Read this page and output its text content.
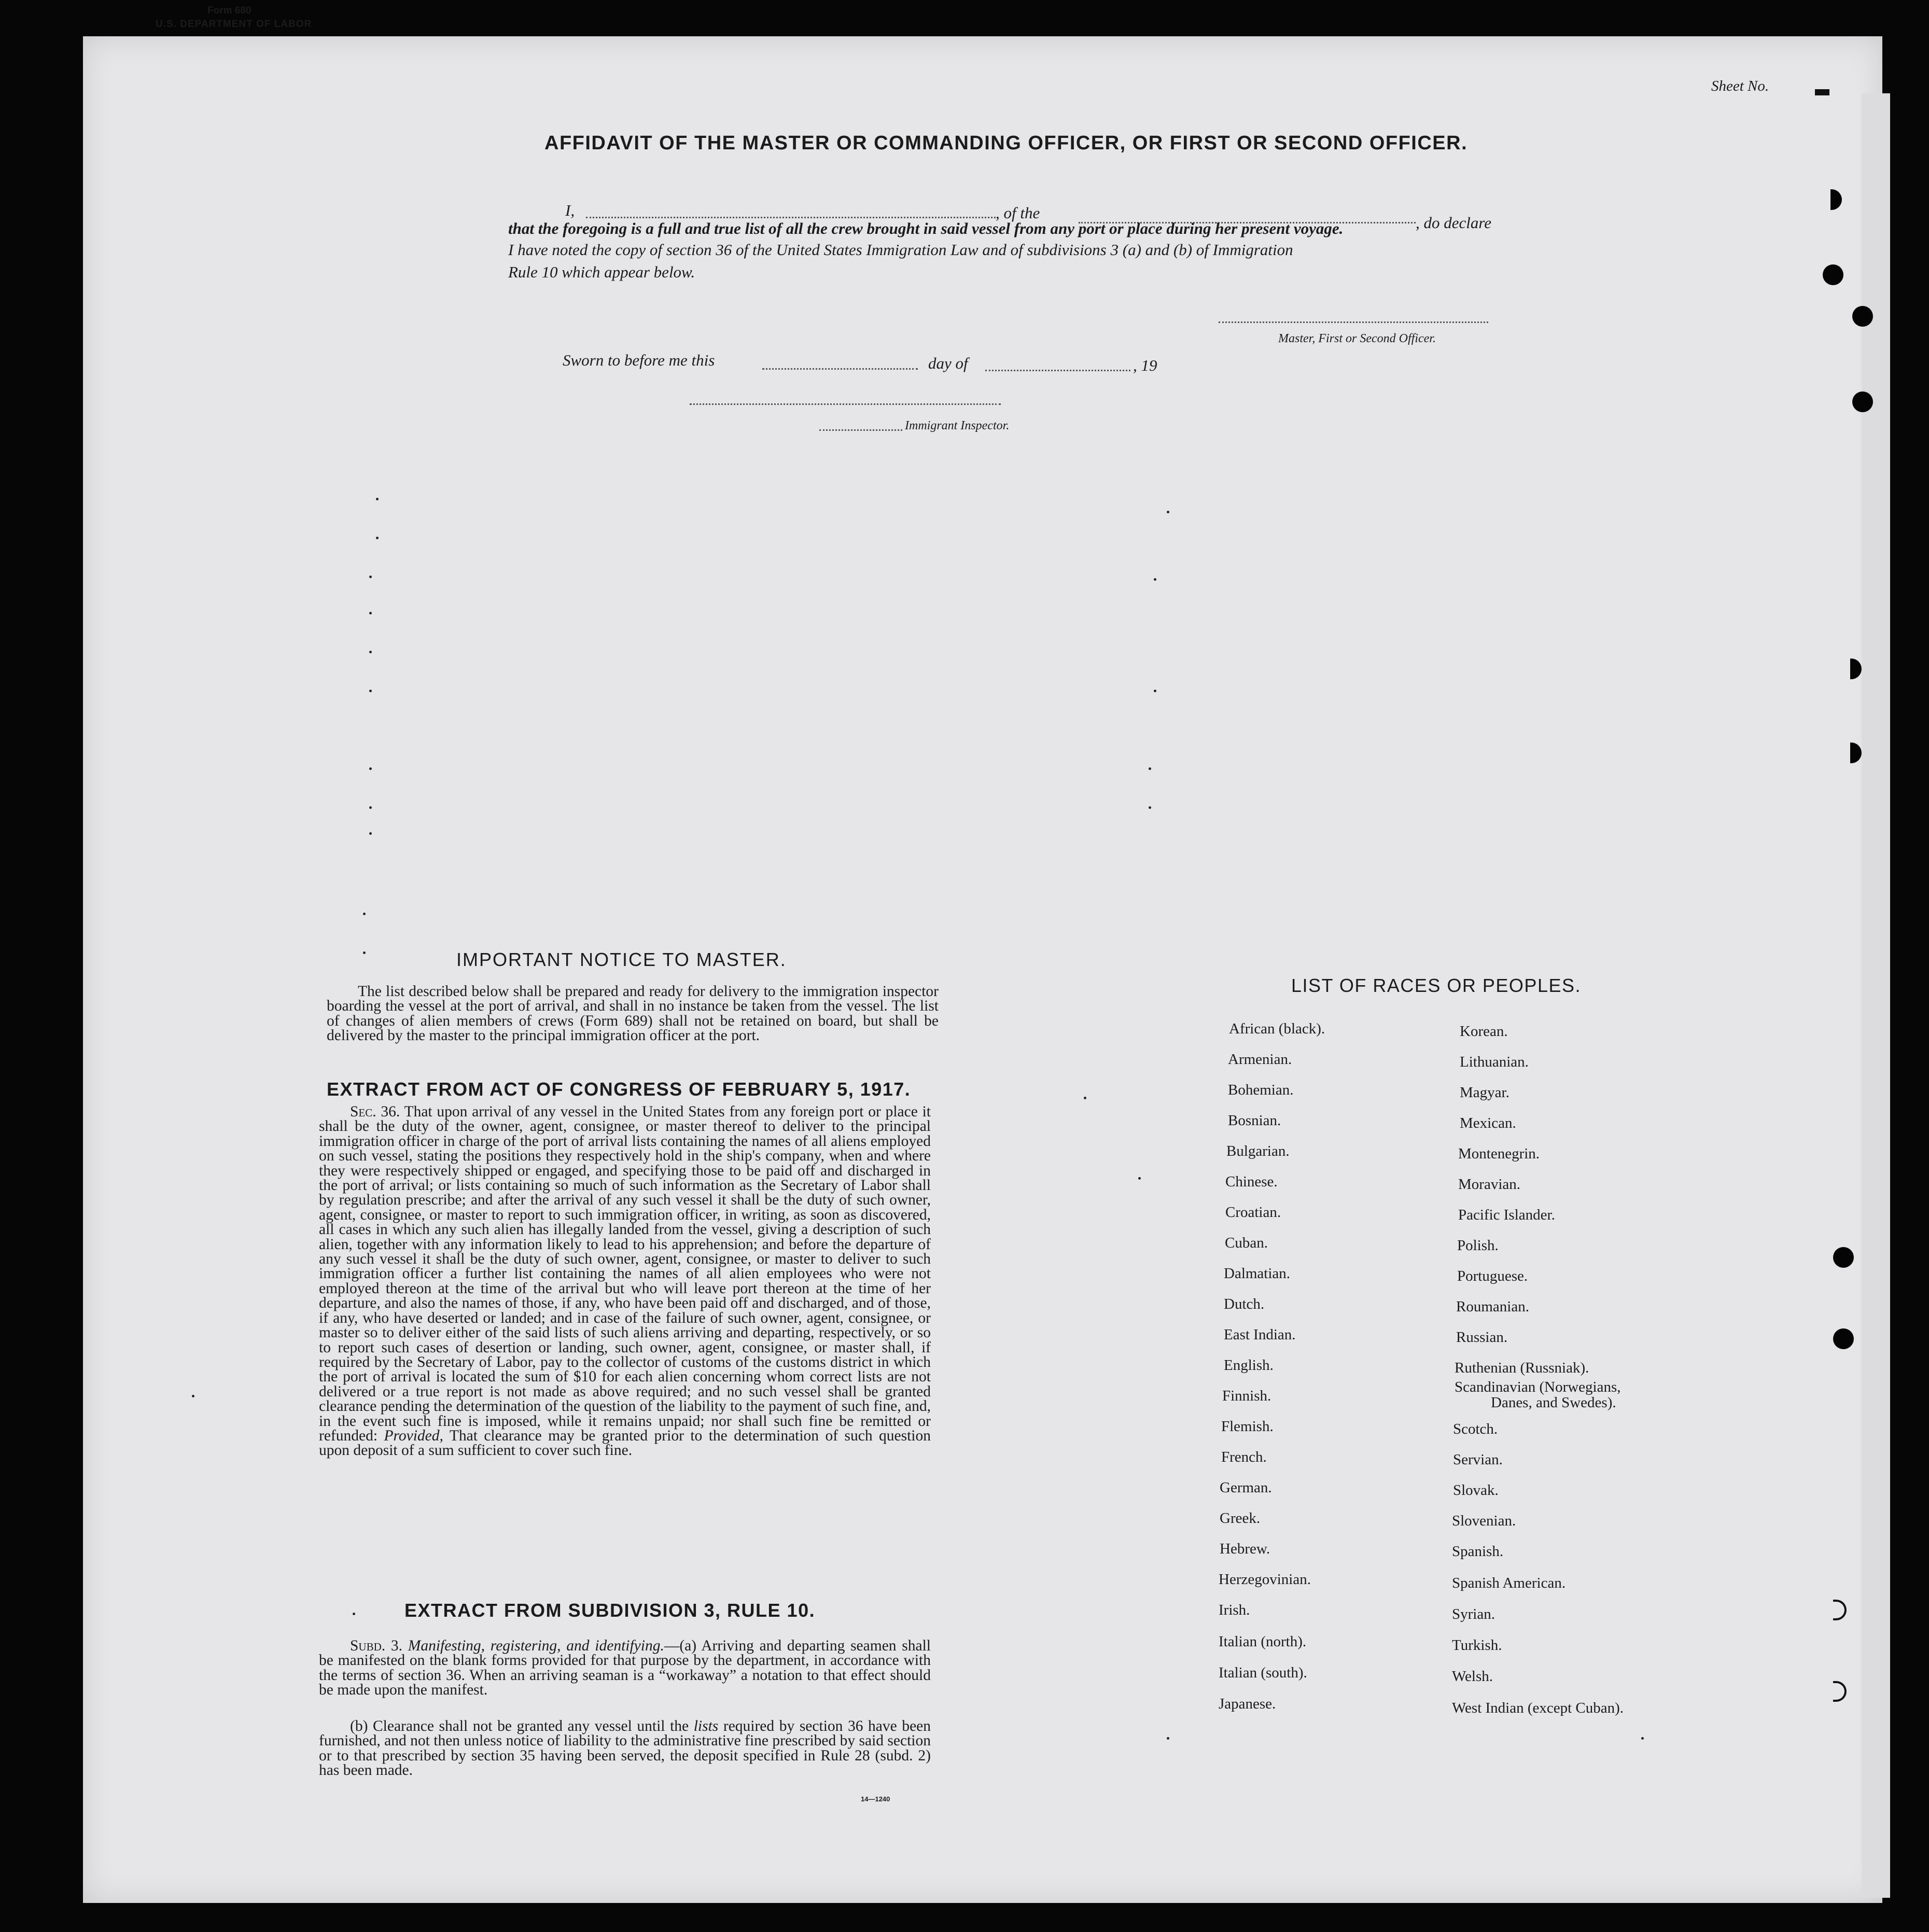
Form 680
U.S. DEPARTMENT OF LABOR
Sheet No.
AFFIDAVIT OF THE MASTER OR COMMANDING OFFICER, OR FIRST OR SECOND OFFICER.
I,	, of the
, do declare
that the foregoing is a full and true list of all the crew brought in said vessel from any port or place during her present voyage.
I have noted the copy of section 36 of the United States Immigration Law and of subdivisions 3 (a) and (b) of Immigration
Rule 10 which appear below.
Master, First or Second Officer.
Sworn to before me this	day of	, 19
Immigrant Inspector.
IMPORTANT NOTICE TO MASTER.
The list described below shall be prepared and ready for delivery to the immigration inspector boarding the vessel at the port of arrival, and shall in no instance be taken from the vessel. The list of changes of alien members of crews (Form 689) shall not be retained on board, but shall be delivered by the master to the principal immigration officer at the port.
EXTRACT FROM ACT OF CONGRESS OF FEBRUARY 5, 1917.
Sec. 36. That upon arrival of any vessel in the United States from any foreign port or place it shall be the duty of the owner, agent, consignee, or master thereof to deliver to the principal immigration officer in charge of the port of arrival lists containing the names of all aliens employed on such vessel, stating the positions they respectively hold in the ship's company, when and where they were respectively shipped or engaged, and specifying those to be paid off and discharged in the port of arrival; or lists containing so much of such information as the Secretary of Labor shall by regulation prescribe; and after the arrival of any such vessel it shall be the duty of such owner, agent, consignee, or master to report to such immigration officer, in writing, as soon as discovered, all cases in which any such alien has illegally landed from the vessel, giving a description of such alien, together with any information likely to lead to his apprehension; and before the departure of any such vessel it shall be the duty of such owner, agent, consignee, or master to deliver to such immigration officer a further list containing the names of all alien employees who were not employed thereon at the time of the arrival but who will leave port thereon at the time of her departure, and also the names of those, if any, who have been paid off and discharged, and of those, if any, who have deserted or landed; and in case of the failure of such owner, agent, consignee, or master so to deliver either of the said lists of such aliens arriving and departing, respectively, or so to report such cases of desertion or landing, such owner, agent, consignee, or master shall, if required by the Secretary of Labor, pay to the collector of customs of the customs district in which the port of arrival is located the sum of $10 for each alien concerning whom correct lists are not delivered or a true report is not made as above required; and no such vessel shall be granted clearance pending the determination of the question of the liability to the payment of such fine, and, in the event such fine is imposed, while it remains unpaid; nor shall such fine be remitted or refunded: Provided, That clearance may be granted prior to the determination of such question upon deposit of a sum sufficient to cover such fine.
EXTRACT FROM SUBDIVISION 3, RULE 10.
Subd. 3. Manifesting, registering, and identifying.—(a) Arriving and departing seamen shall be manifested on the blank forms provided for that purpose by the department, in accordance with the terms of section 36. When an arriving seaman is a “workaway” a notation to that effect should be made upon the manifest.
(b) Clearance shall not be granted any vessel until the lists required by section 36 have been furnished, and not then unless notice of liability to the administrative fine prescribed by said section or to that prescribed by section 35 having been served, the deposit specified in Rule 28 (subd. 2) has been made.
LIST OF RACES OR PEOPLES.
African (black).
Armenian.
Bohemian.
Bosnian.
Bulgarian.
Chinese.
Croatian.
Cuban.
Dalmatian.
Dutch.
East Indian.
English.
Finnish.
Flemish.
French.
German.
Greek.
Hebrew.
Herzegovinian.
Irish.
Italian (north).
Italian (south).
Japanese.
Korean.
Lithuanian.
Magyar.
Mexican.
Montenegrin.
Moravian.
Pacific Islander.
Polish.
Portuguese.
Roumanian.
Russian.
Ruthenian (Russniak).
Scandinavian (Norwegians,
Danes, and Swedes).
Scotch.
Servian.
Slovak.
Slovenian.
Spanish.
Spanish American.
Syrian.
Turkish.
Welsh.
West Indian (except Cuban).
14—1240
